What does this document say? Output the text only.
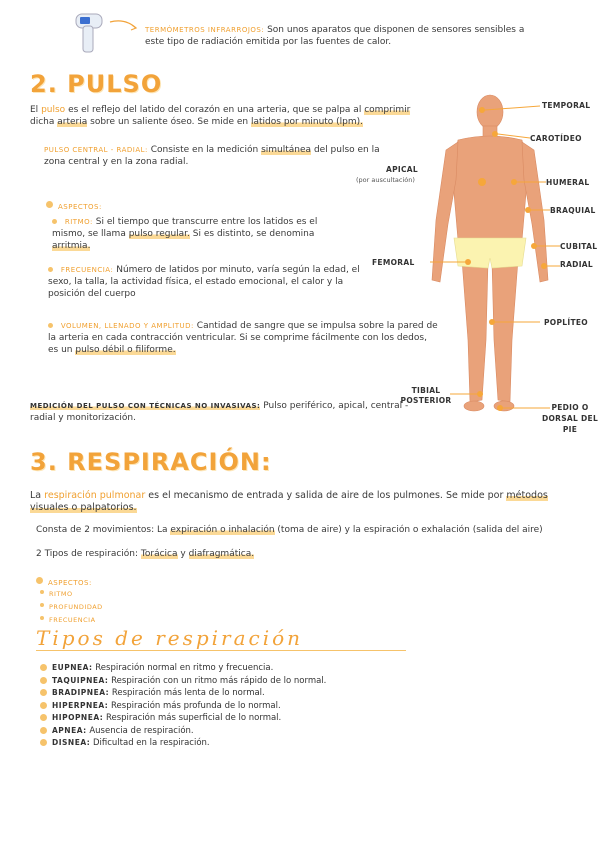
TERMÓMETROS INFRARROJOS: Son unos aparatos que disponen de sensores sensibles a este tipo de radiación emitida por las fuentes de calor.
2. PULSO
El pulso es el reflejo del latido del corazón en una arteria, que se palpa al comprimir dicha arteria sobre un saliente óseo. Se mide en latidos por minuto (lpm).
PULSO CENTRAL - RADIAL: Consiste en la medición simultánea del pulso en la zona central y en la zona radial.
ASPECTOS:
RITMO: Si el tiempo que transcurre entre los latidos es el mismo, se llama pulso regular. Si es distinto, se denomina arritmia.
FRECUENCIA: Número de latidos por minuto, varía según la edad, el sexo, la talla, la actividad física, el estado emocional, el calor y la posición del cuerpo
VOLUMEN, LLENADO Y AMPLITUD: Cantidad de sangre que se impulsa sobre la pared de la arteria en cada contracción ventricular. Si se comprime fácilmente con los dedos, es un pulso débil o filiforme.
MEDICIÓN DEL PULSO CON TÉCNICAS NO INVASIVAS: Pulso periférico, apical, central - radial y monitorización.
TEMPORAL
CAROTÍDEO
APICAL
(por auscultación)	HUMERAL
BRAQUIAL
CUBITAL
RADIAL
FEMORAL
POPLÍTEO
TIBIAL POSTERIOR
PEDIO O DORSAL DEL PIE
3. RESPIRACIÓN:
La respiración pulmonar es el mecanismo de entrada y salida de aire de los pulmones. Se mide por métodos visuales o palpatorios.
Consta de 2 movimientos: La expiración o inhalación (toma de aire) y la espiración o exhalación (salida del aire)
2 Tipos de respiración: Torácica y diafragmática.
ASPECTOS:
RITMO
PROFUNDIDAD
FRECUENCIA
Tipos de respiración
EUPNEA: Respiración normal en ritmo y frecuencia.
TAQUIPNEA: Respiración con un ritmo más rápido de lo normal.
BRADIPNEA: Respiración más lenta de lo normal.
HIPERPNEA: Respiración más profunda de lo normal.
HIPOPNEA: Respiración más superficial de lo normal.
APNEA: Ausencia de respiración.
DISNEA: Dificultad en la respiración.
